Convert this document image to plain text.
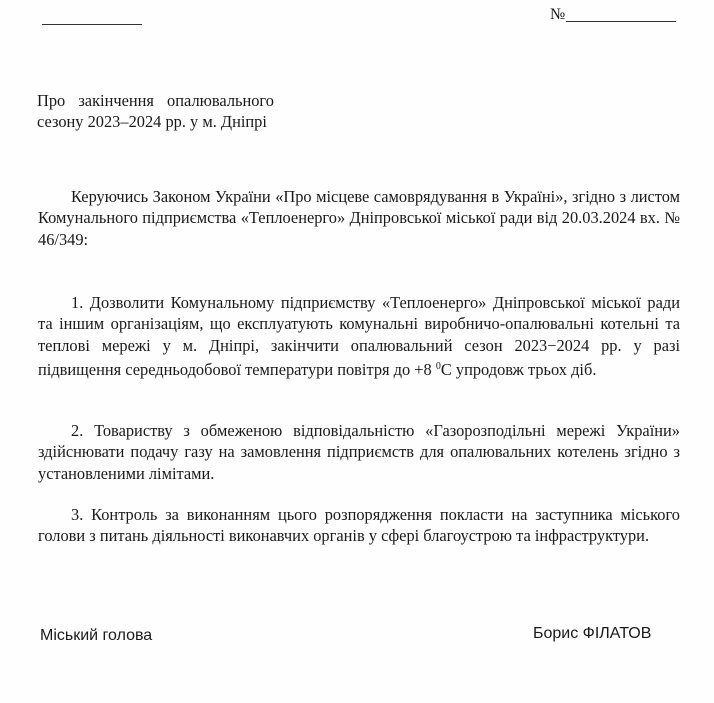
№
Про закінчення опалювального
сезону 2023–2024 рр. у м. Дніпрі
Керуючись Законом України «Про місцеве самоврядування в Україні», згідно з листом Комунального підприємства «Теплоенерго» Дніпровської міської ради від 20.03.2024 вх. № 46/349:
1. Дозволити Комунальному підприємству «Теплоенерго» Дніпровської міської ради та іншим організаціям, що експлуатують комунальні виробничо-опалювальні котельні та теплові мережі у м. Дніпрі, закінчити опалювальний сезон 2023−2024 рр. у разі підвищення середньодобової температури повітря до +8 $^0$С упродовж трьох діб.
2. Товариству з обмеженою відповідальністю «Газорозподільні мережі України» здійснювати подачу газу на замовлення підприємств для опалювальних котелень згідно з установленими лімітами.
3. Контроль за виконанням цього розпорядження покласти на заступника міського голови з питань діяльності виконавчих органів у сфері благоустрою та інфраструктури.
Міський голова	Борис ФІЛАТОВ
